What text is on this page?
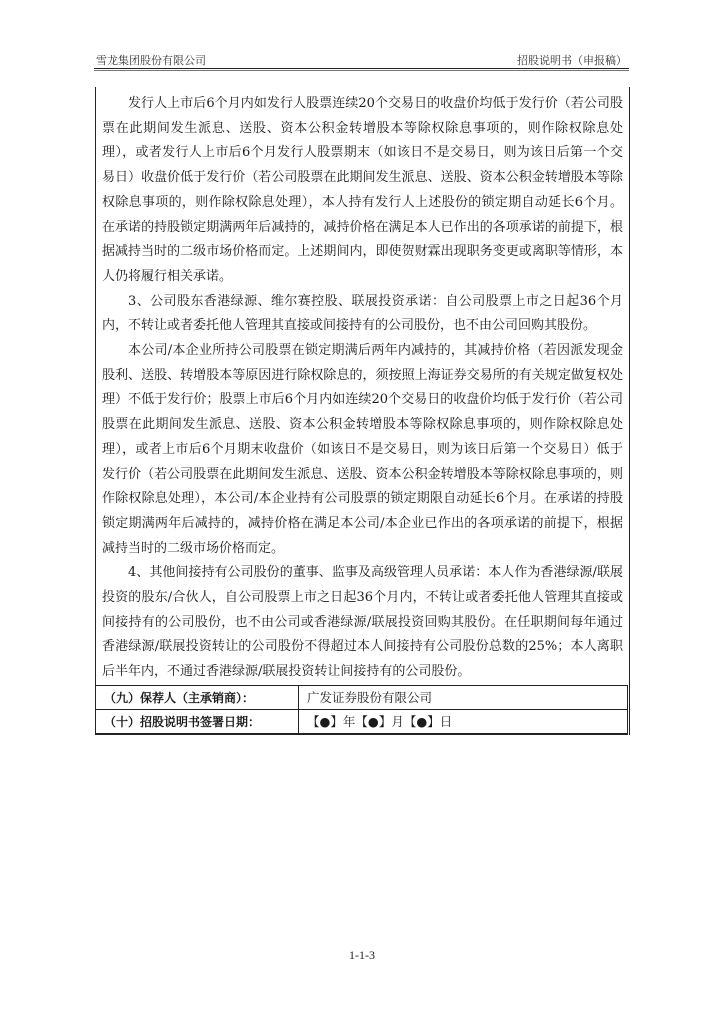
雪龙集团股份有限公司	招股说明书（申报稿）

发行人上市后6个月内如发行人股票连续20个交易日的收盘价均低于发行价（若公司股票在此期间发生派息、送股、资本公积金转增股本等除权除息事项的，则作除权除息处理），或者发行人上市后6个月发行人股票期末（如该日不是交易日，则为该日后第一个交易日）收盘价低于发行价（若公司股票在此期间发生派息、送股、资本公积金转增股本等除权除息事项的，则作除权除息处理），本人持有发行人上述股份的锁定期自动延长6个月。在承诺的持股锁定期满两年后减持的，减持价格在满足本人已作出的各项承诺的前提下，根据减持当时的二级市场价格而定。上述期间内，即使贺财霖出现职务变更或离职等情形，本人仍将履行相关承诺。

3、公司股东香港绿源、维尔赛控股、联展投资承诺：自公司股票上市之日起36个月内，不转让或者委托他人管理其直接或间接持有的公司股份，也不由公司回购其股份。

本公司/本企业所持公司股票在锁定期满后两年内减持的，其减持价格（若因派发现金股利、送股、转增股本等原因进行除权除息的，须按照上海证券交易所的有关规定做复权处理）不低于发行价；股票上市后6个月内如连续20个交易日的收盘价均低于发行价（若公司股票在此期间发生派息、送股、资本公积金转增股本等除权除息事项的，则作除权除息处理），或者上市后6个月期末收盘价（如该日不是交易日，则为该日后第一个交易日）低于发行价（若公司股票在此期间发生派息、送股、资本公积金转增股本等除权除息事项的，则作除权除息处理），本公司/本企业持有公司股票的锁定期限自动延长6个月。在承诺的持股锁定期满两年后减持的，减持价格在满足本公司/本企业已作出的各项承诺的前提下，根据减持当时的二级市场价格而定。

4、其他间接持有公司股份的董事、监事及高级管理人员承诺：本人作为香港绿源/联展投资的股东/合伙人，自公司股票上市之日起36个月内，不转让或者委托他人管理其直接或间接持有的公司股份，也不由公司或香港绿源/联展投资回购其股份。在任职期间每年通过香港绿源/联展投资转让的公司股份不得超过本人间接持有公司股份总数的25%；本人离职后半年内，不通过香港绿源/联展投资转让间接持有的公司股份。

（九）保荐人（主承销商）：	广发证券股份有限公司
（十）招股说明书签署日期：	【●】年【●】月【●】日
1-1-3
